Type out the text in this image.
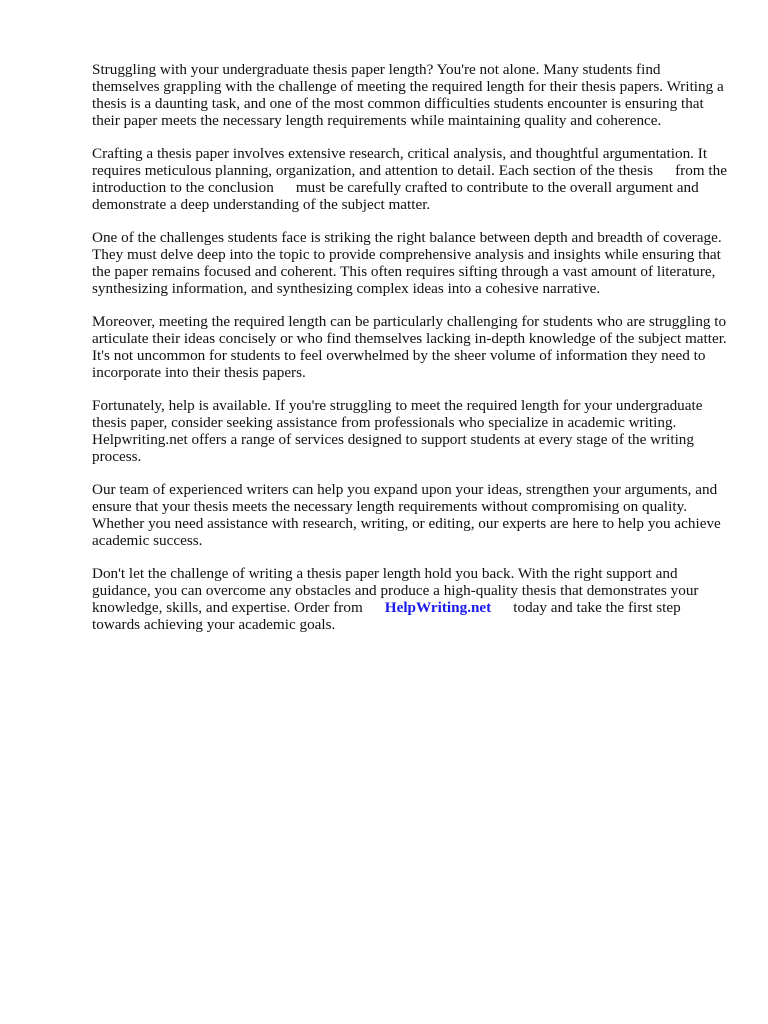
Struggling with your undergraduate thesis paper length? You're not alone. Many students find themselves grappling with the challenge of meeting the required length for their thesis papers. Writing a thesis is a daunting task, and one of the most common difficulties students encounter is ensuring that their paper meets the necessary length requirements while maintaining quality and coherence.

Crafting a thesis paper involves extensive research, critical analysis, and thoughtful argumentation. It requires meticulous planning, organization, and attention to detail. Each section of the thesis from the introduction to the conclusion must be carefully crafted to contribute to the overall argument and demonstrate a deep understanding of the subject matter.

One of the challenges students face is striking the right balance between depth and breadth of coverage. They must delve deep into the topic to provide comprehensive analysis and insights while ensuring that the paper remains focused and coherent. This often requires sifting through a vast amount of literature, synthesizing information, and synthesizing complex ideas into a cohesive narrative.

Moreover, meeting the required length can be particularly challenging for students who are struggling to articulate their ideas concisely or who find themselves lacking in-depth knowledge of the subject matter. It's not uncommon for students to feel overwhelmed by the sheer volume of information they need to incorporate into their thesis papers.

Fortunately, help is available. If you're struggling to meet the required length for your undergraduate thesis paper, consider seeking assistance from professionals who specialize in academic writing. Helpwriting.net offers a range of services designed to support students at every stage of the writing process.

Our team of experienced writers can help you expand upon your ideas, strengthen your arguments, and ensure that your thesis meets the necessary length requirements without compromising on quality. Whether you need assistance with research, writing, or editing, our experts are here to help you achieve academic success.

Don't let the challenge of writing a thesis paper length hold you back. With the right support and guidance, you can overcome any obstacles and produce a high-quality thesis that demonstrates your knowledge, skills, and expertise. Order from HelpWriting.net today and take the first step towards achieving your academic goals.
